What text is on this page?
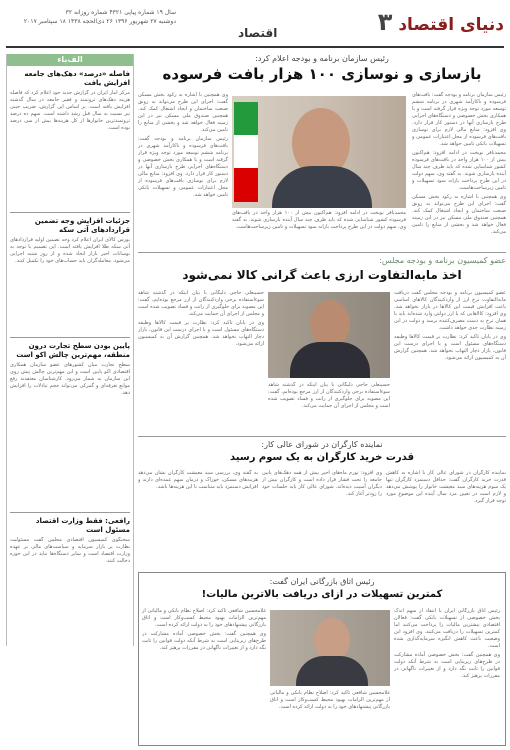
دنیای اقتصاد ۳
اقتصاد
سال ۱۹ شماره پیاپی ۴۳۲۱ شماره روزانه ۳۲
دوشنبه ۲۷ شهریور ۱۳۹۶ ۲۶ ذی‌الحجه ۱۴۳۸ ۱۸ سپتامبر ۲۰۱۷
رئیس سازمان برنامه و بودجه اعلام کرد:
بازسازی و نوسازی ۱۰۰ هزار بافت فرسوده

رئیس سازمان برنامه و بودجه گفت: بافت‌های فرسوده و ناکارآمد شهری در برنامه ششم توسعه مورد توجه ویژه قرار گرفته است و با همکاری بخش خصوصی و دستگاه‌های اجرایی طرح بازسازی آنها در دستور کار قرار دارد. وی افزود: منابع مالی لازم برای نوسازی بافت‌های فرسوده از محل اعتبارات عمومی و تسهیلات بانکی تامین خواهد شد.

محمدباقر نوبخت در ادامه افزود: هم‌اکنون بیش از ۱۰۰ هزار واحد در بافت‌های فرسوده کشور شناسایی شده که باید ظرف چند سال آینده بازسازی شوند. به گفته وی، سهم دولت در این طرح پرداخت یارانه سود تسهیلات و تامین زیرساخت‌هاست.

وی همچنین با اشاره به رکود بخش مسکن گفت: اجرای این طرح می‌تواند به رونق صنعت ساختمان و ایجاد اشتغال کمک کند. همچنین صندوق ملی مسکن نیز در این زمینه فعال خواهد شد و بخشی از منابع را تامین می‌کند.

محمدباقر نوبخت در ادامه افزود: هم‌اکنون بیش از ۱۰۰ هزار واحد در بافت‌های فرسوده کشور شناسایی شده که باید ظرف چند سال آینده بازسازی شوند. به گفته وی، سهم دولت در این طرح پرداخت یارانه سود تسهیلات و تامین زیرساخت‌هاست.

وی همچنین با اشاره به رکود بخش مسکن گفت: اجرای این طرح می‌تواند به رونق صنعت ساختمان و ایجاد اشتغال کمک کند. همچنین صندوق ملی مسکن نیز در این زمینه فعال خواهد شد و بخشی از منابع را تامین می‌کند.

رئیس سازمان برنامه و بودجه گفت: بافت‌های فرسوده و ناکارآمد شهری در برنامه ششم توسعه مورد توجه ویژه قرار گرفته است و با همکاری بخش خصوصی و دستگاه‌های اجرایی طرح بازسازی آنها در دستور کار قرار دارد. وی افزود: منابع مالی لازم برای نوسازی بافت‌های فرسوده از محل اعتبارات عمومی و تسهیلات بانکی تامین خواهد شد.

الف‌باء
فاصله «درصد» دهک‌های جامعه افزایش یافت
مرکز آمار ایران در گزارش جدید خود اعلام کرد که فاصله هزینه دهک‌های ثروتمند و فقیر جامعه در سال گذشته افزایش یافته است. بر اساس این گزارش، ضریب جینی نیز نسبت به سال قبل رشد داشته است. سهم ده درصد ثروتمندترین خانوارها از کل هزینه‌ها بیش از سی درصد بوده است.
جزئیات افزایش وجه تضمین قراردادهای آتی سکه
بورس کالای ایران اعلام کرد وجه تضمین اولیه قراردادهای آتی سکه طلا افزایش یافته است. این تصمیم با توجه به نوسانات اخیر بازار اتخاذ شده و از روز شنبه اجرایی می‌شود. معامله‌گران باید حساب‌های خود را تکمیل کنند.
پایین بودن سطح تجارت درون منطقه، مهم‌ترین چالش اکو است
سطح تجارت میان کشورهای عضو سازمان همکاری اقتصادی اکو پایین است و این مهم‌ترین چالش پیش روی این سازمان به شمار می‌رود. کارشناسان معتقدند رفع موانع تعرفه‌ای و گمرکی می‌تواند حجم تبادلات را افزایش دهد.
رافعی: فقط وزارت اقتصاد مسئول است
سخنگوی کمیسیون اقتصادی مجلس گفت مسئولیت نظارت بر بازار سرمایه و سیاست‌های مالی بر عهده وزارت اقتصاد است و سایر دستگاه‌ها نباید در این حوزه دخالت کنند.
عضو کمیسیون برنامه و بودجه مجلس:
اخذ مابه‌التفاوت ارزی باعث گرانی کالا نمی‌شود

عضو کمیسیون برنامه و بودجه مجلس گفت دریافت مابه‌التفاوت نرخ ارز از واردکنندگان کالاهای اساسی باعث افزایش قیمت این کالاها در بازار نخواهد شد. وی افزود: کالاهایی که با ارز دولتی وارد شده‌اند باید با همان نرخ به دست مصرف‌کننده برسد و دولت در این زمینه نظارت جدی خواهد داشت.

وی در پایان تاکید کرد: نظارت بر قیمت کالاها وظیفه دستگاه‌های مسئول است و با اجرای درست این قانون، بازار دچار التهاب نخواهد شد. همچنین گزارش آن به کمیسیون ارائه می‌شود.

حسینعلی حاجی دلیگانی با بیان اینکه در گذشته شاهد سوءاستفاده برخی واردکنندگان از ارز مرجع بوده‌ایم، گفت: این مصوبه برای جلوگیری از رانت و فساد تصویب شده است و مجلس از اجرای آن حمایت می‌کند.

حسینعلی حاجی دلیگانی با بیان اینکه در گذشته شاهد سوءاستفاده برخی واردکنندگان از ارز مرجع بوده‌ایم، گفت: این مصوبه برای جلوگیری از رانت و فساد تصویب شده است و مجلس از اجرای آن حمایت می‌کند.

وی در پایان تاکید کرد: نظارت بر قیمت کالاها وظیفه دستگاه‌های مسئول است و با اجرای درست این قانون، بازار دچار التهاب نخواهد شد. همچنین گزارش آن به کمیسیون ارائه می‌شود.

نماینده کارگران در شورای عالی کار:
قدرت خرید کارگران به یک سوم رسید

نماینده کارگران در شورای عالی کار با اشاره به کاهش قدرت خرید کارگران گفت: حداقل دستمزد کارگران تنها یک سوم هزینه‌های سبد معیشت خانوار را پوشش می‌دهد و لازم است در تعیین مزد سال آینده این موضوع مورد توجه قرار گیرد.

وی افزود: تورم ماه‌های اخیر بیش از همه دهک‌های پایین جامعه را تحت فشار قرار داده است و کارگران بیش از دیگران آسیب دیده‌اند. شورای عالی کار باید جلسات خود را زودتر آغاز کند.

به گفته وی، بررسی سبد معیشت کارگران نشان می‌دهد هزینه‌های مسکن، خوراک و درمان سهم عمده‌ای دارند و افزایش دستمزد باید متناسب با این هزینه‌ها باشد.

رئیس اتاق بازرگانی ایران گفت:
کمترین تسهیلات در ازای دریافت بالاترین مالیات!

رئیس اتاق بازرگانی ایران با انتقاد از سهم اندک بخش خصوصی از تسهیلات بانکی گفت: فعالان اقتصادی بیشترین مالیات را پرداخت می‌کنند اما کمترین تسهیلات را دریافت می‌کنند. وی افزود این وضعیت باعث کاهش انگیزه سرمایه‌گذاری شده است.

وی همچنین گفت: بخش خصوصی آماده مشارکت در طرح‌های زیربنایی است به شرط آنکه دولت قوانین را ثابت نگه دارد و از تغییرات ناگهانی در مقررات پرهیز کند.

غلامحسین شافعی تاکید کرد: اصلاح نظام بانکی و مالیاتی از مهم‌ترین الزامات بهبود محیط کسب‌وکار است و اتاق بازرگانی پیشنهادهای خود را به دولت ارائه کرده است.

غلامحسین شافعی تاکید کرد: اصلاح نظام بانکی و مالیاتی از مهم‌ترین الزامات بهبود محیط کسب‌وکار است و اتاق بازرگانی پیشنهادهای خود را به دولت ارائه کرده است.

وی همچنین گفت: بخش خصوصی آماده مشارکت در طرح‌های زیربنایی است به شرط آنکه دولت قوانین را ثابت نگه دارد و از تغییرات ناگهانی در مقررات پرهیز کند.
